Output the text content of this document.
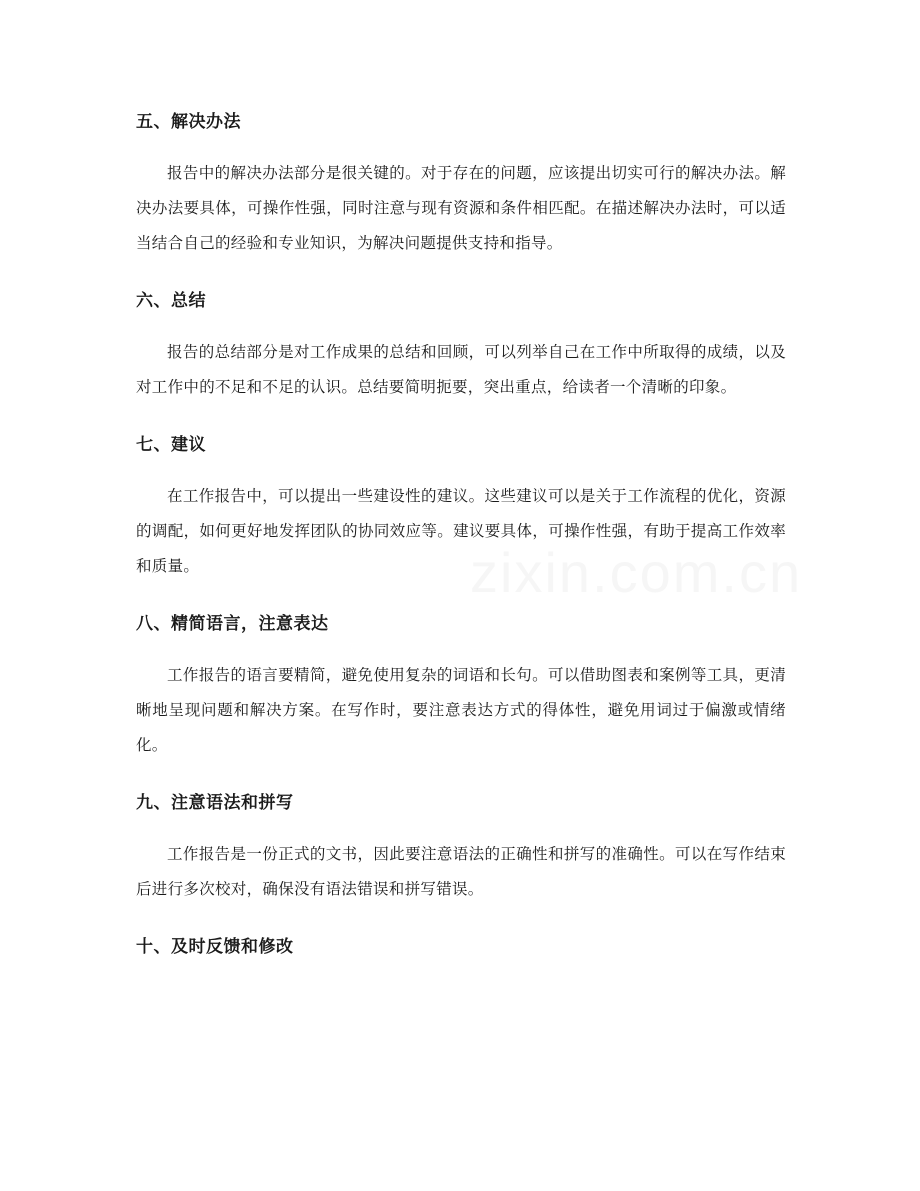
zixin.com.cn
五、解决办法

报告中的解决办法部分是很关键的。对于存在的问题，应该提出切实可行的解决办法。解决办法要具体，可操作性强，同时注意与现有资源和条件相匹配。在描述解决办法时，可以适当结合自己的经验和专业知识，为解决问题提供支持和指导。

六、总结

报告的总结部分是对工作成果的总结和回顾，可以列举自己在工作中所取得的成绩，以及对工作中的不足和不足的认识。总结要简明扼要，突出重点，给读者一个清晰的印象。

七、建议

在工作报告中，可以提出一些建设性的建议。这些建议可以是关于工作流程的优化，资源的调配，如何更好地发挥团队的协同效应等。建议要具体，可操作性强，有助于提高工作效率和质量。

八、精简语言，注意表达

工作报告的语言要精简，避免使用复杂的词语和长句。可以借助图表和案例等工具，更清晰地呈现问题和解决方案。在写作时，要注意表达方式的得体性，避免用词过于偏激或情绪化。

九、注意语法和拼写

工作报告是一份正式的文书，因此要注意语法的正确性和拼写的准确性。可以在写作结束后进行多次校对，确保没有语法错误和拼写错误。

十、及时反馈和修改
